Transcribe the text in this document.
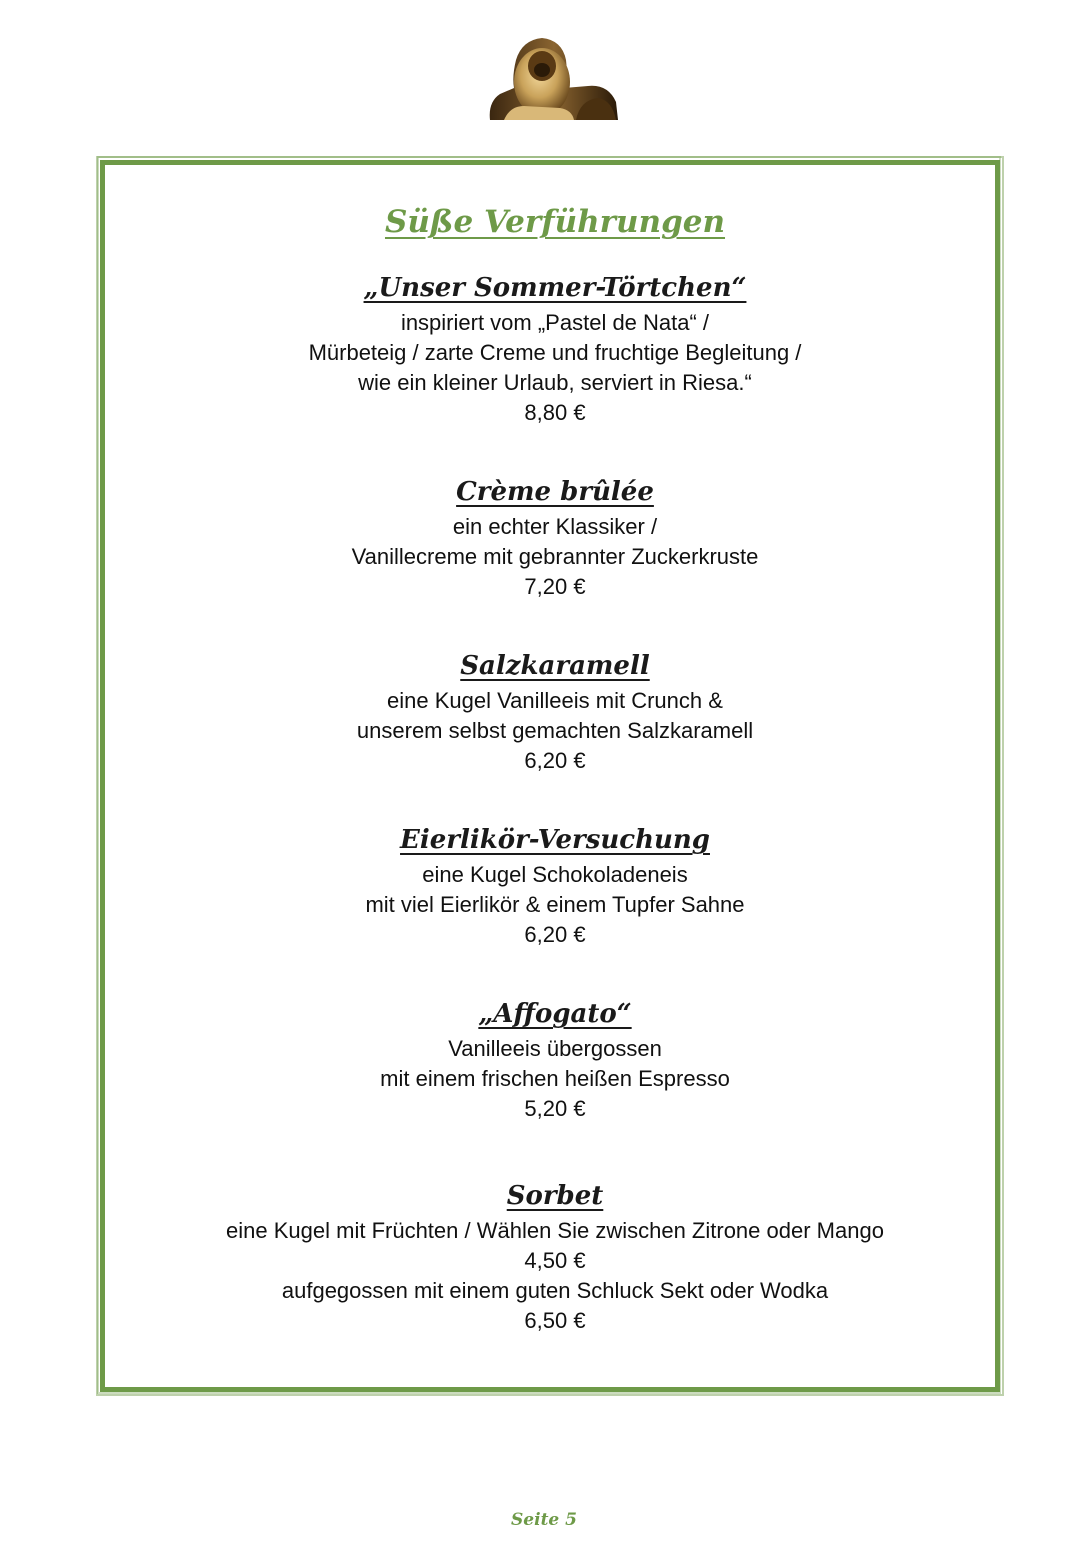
Süße Verführungen
„Unser Sommer-Törtchen“
inspiriert vom „Pastel de Nata“ /
Mürbeteig / zarte Creme und fruchtige Begleitung /
wie ein kleiner Urlaub, serviert in Riesa.“
8,80 €
Crème brûlée
ein echter Klassiker /
Vanillecreme mit gebrannter Zuckerkruste
7,20 €
Salzkaramell
eine Kugel Vanilleeis mit Crunch &
unserem selbst gemachten Salzkaramell
6,20 €
Eierlikör-Versuchung
eine Kugel Schokoladeneis
mit viel Eierlikör & einem Tupfer Sahne
6,20 €
„Affogato“
Vanilleeis übergossen
mit einem frischen heißen Espresso
5,20 €
Sorbet
eine Kugel mit Früchten / Wählen Sie zwischen Zitrone oder Mango
4,50 €
aufgegossen mit einem guten Schluck Sekt oder Wodka
6,50 €
Seite 5
